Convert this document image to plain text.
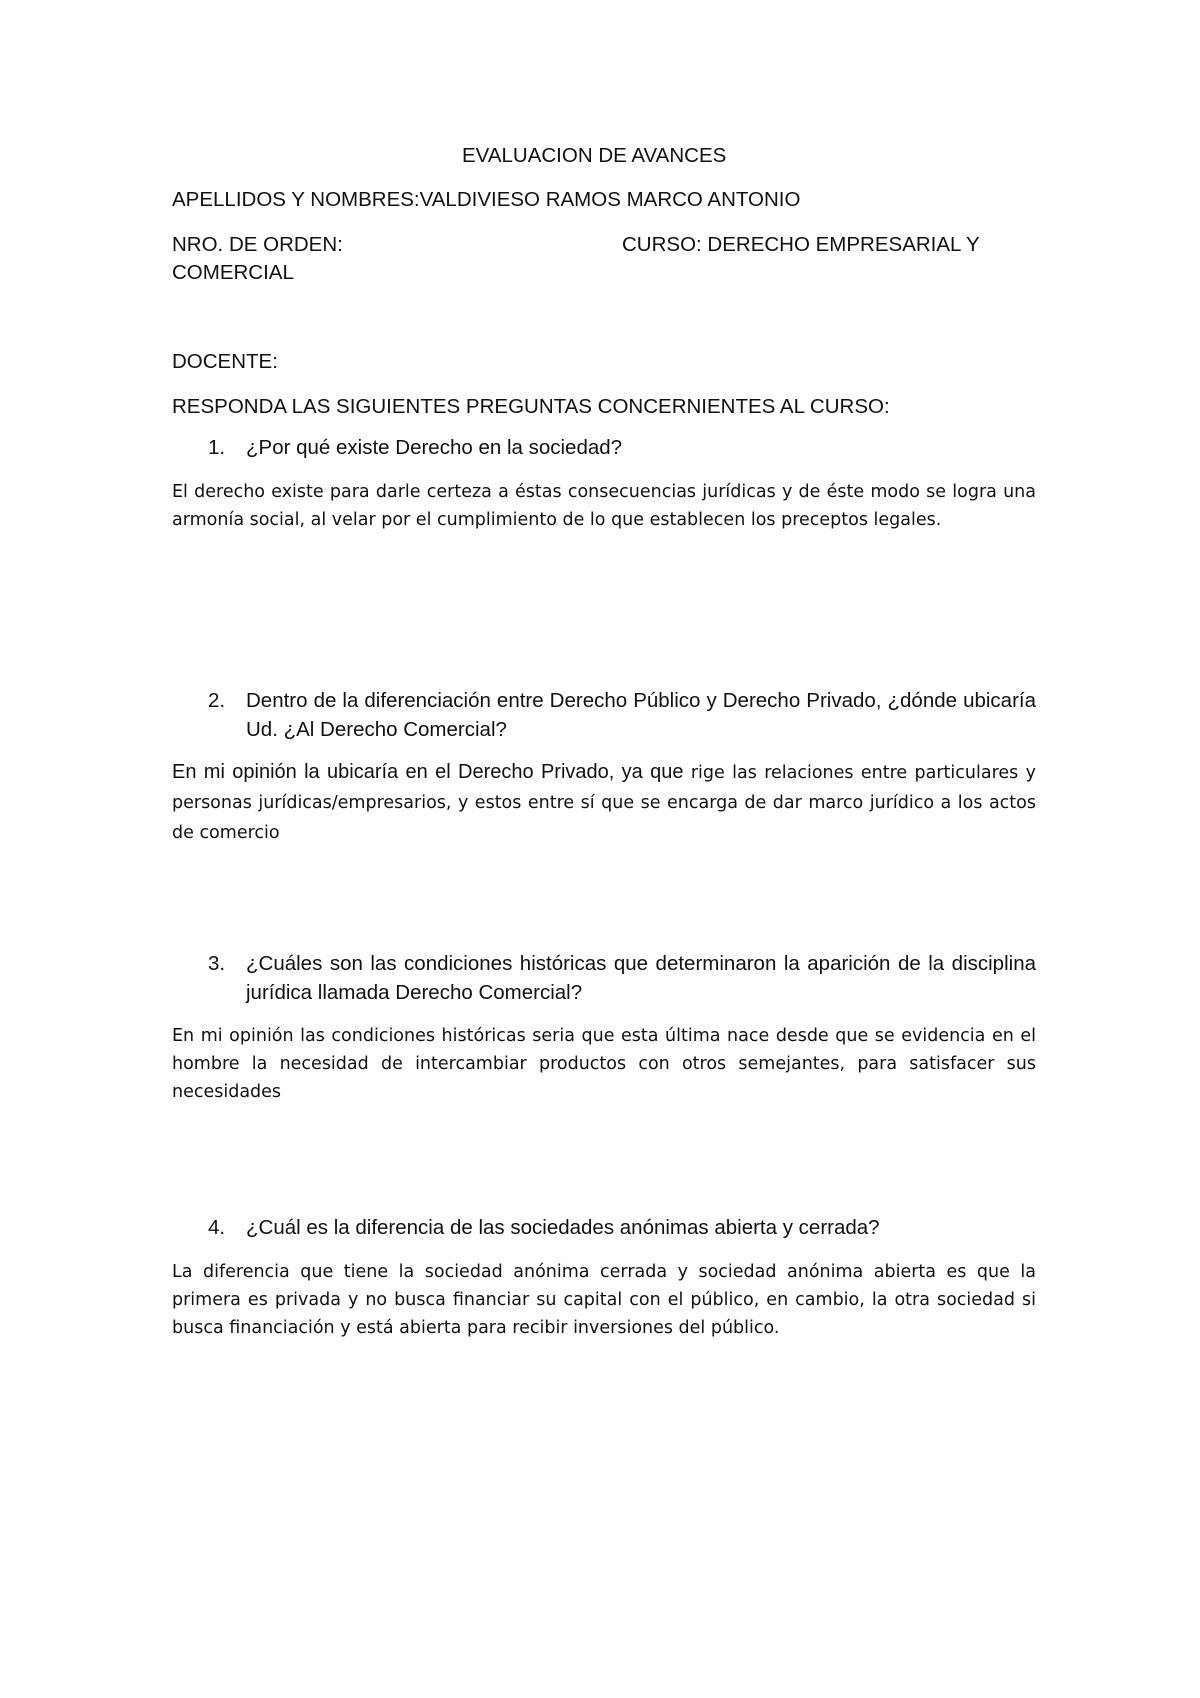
EVALUACION DE AVANCES
APELLIDOS Y NOMBRES:VALDIVIESO RAMOS MARCO ANTONIO
NRO. DE ORDEN:	CURSO: DERECHO EMPRESARIAL Y
COMERCIAL
DOCENTE:
RESPONDA LAS SIGUIENTES PREGUNTAS CONCERNIENTES AL CURSO:
1. ¿Por qué existe Derecho en la sociedad?
El derecho existe para darle certeza a éstas consecuencias jurídicas y de éste modo se logra una armonía social, al velar por el cumplimiento de lo que establecen los preceptos legales.
2. Dentro de la diferenciación entre Derecho Público y Derecho Privado, ¿dónde ubicaría Ud. ¿Al Derecho Comercial?
En mi opinión la ubicaría en el Derecho Privado, ya que rige las relaciones entre particulares y personas jurídicas/empresarios, y estos entre sí que se encarga de dar marco jurídico a los actos de comercio
3. ¿Cuáles son las condiciones históricas que determinaron la aparición de la disciplina jurídica llamada Derecho Comercial?
En mi opinión las condiciones históricas seria que esta última nace desde que se evidencia en el hombre la necesidad de intercambiar productos con otros semejantes, para satisfacer sus necesidades
4. ¿Cuál es la diferencia de las sociedades anónimas abierta y cerrada?
La diferencia que tiene la sociedad anónima cerrada y sociedad anónima abierta es que la primera es privada y no busca financiar su capital con el público, en cambio, la otra sociedad si busca financiación y está abierta para recibir inversiones del público.
